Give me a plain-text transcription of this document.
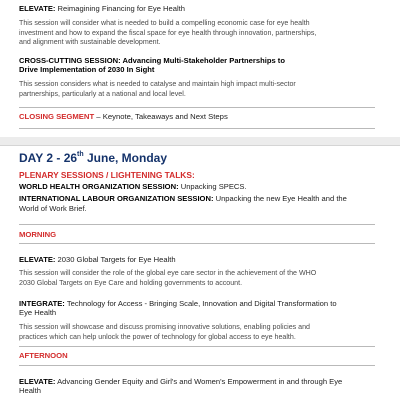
ELEVATE: Reimagining Financing for Eye Health
This session will consider what is needed to build a compelling economic case for eye health
investment and how to expand the fiscal space for eye health through innovation, partnerships,
and alignment with sustainable development.
CROSS-CUTTING SESSION: Advancing Multi-Stakeholder Partnerships to
Drive Implementation of 2030 In Sight
This session considers what is needed to catalyse and maintain high impact multi-sector
partnerships, particularly at a national and local level.
CLOSING SEGMENT – Keynote, Takeaways and Next Steps
DAY 2 - 26th June, Monday
PLENARY SESSIONS / LIGHTENING TALKS:
WORLD HEALTH ORGANIZATION SESSION: Unpacking SPECS.
INTERNATIONAL LABOUR ORGANIZATION SESSION: Unpacking the new Eye Health and the
World of Work Brief.
MORNING
ELEVATE: 2030 Global Targets for Eye Health
This session will consider the role of the global eye care sector in the achievement of the WHO
2030 Global Targets on Eye Care and holding governments to account.
INTEGRATE: Technology for Access - Bringing Scale, Innovation and Digital Transformation to
Eye Health
This session will showcase and discuss promising innovative solutions, enabling policies and
practices which can help unlock the power of technology for global access to eye health.
AFTERNOON
ELEVATE: Advancing Gender Equity and Girl's and Women's Empowerment in and through Eye
Health
